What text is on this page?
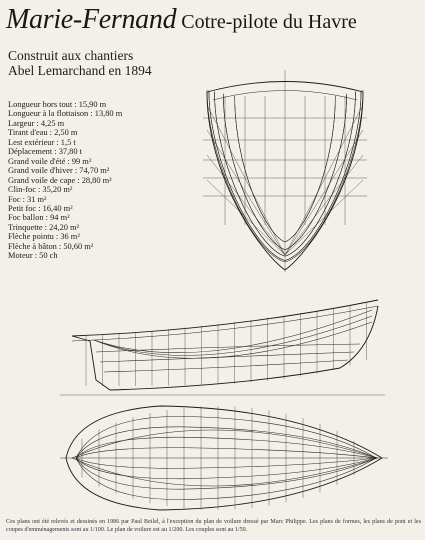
Marie-Fernand Cotre-pilote du Havre
Construit aux chantiers
Abel Lemarchand en 1894
Longueur hors tout : 15,90 m
Longueur à la flottaison : 13,80 m
Largeur : 4,25 m
Tirant d'eau : 2,50 m
Lest extérieur : 1,5 t
Déplacement : 37,80 t
Grand voile d'été : 99 m²
Grand voile d'hiver : 74,70 m²
Grand voile de cape : 28,80 m²
Clin-foc : 35,20 m²
Foc : 31 m²
Petit foc : 16,40 m²
Foc ballon : 94 m²
Trinquette : 24,20 m²
Flèche pointu : 36 m²
Flèche à bâton : 50,60 m²
Moteur : 50 ch
Ces plans ont été relevés et dessinés en 1986 par Paul Beilel, à l'exception du plan de voilure dressé par Marc Philippe. Les plans de formes, les plans de pont et les coupes d'emménagements sont au 1/100. Le plan de voilure est au 1/200. Les couples sont au 1/50.
